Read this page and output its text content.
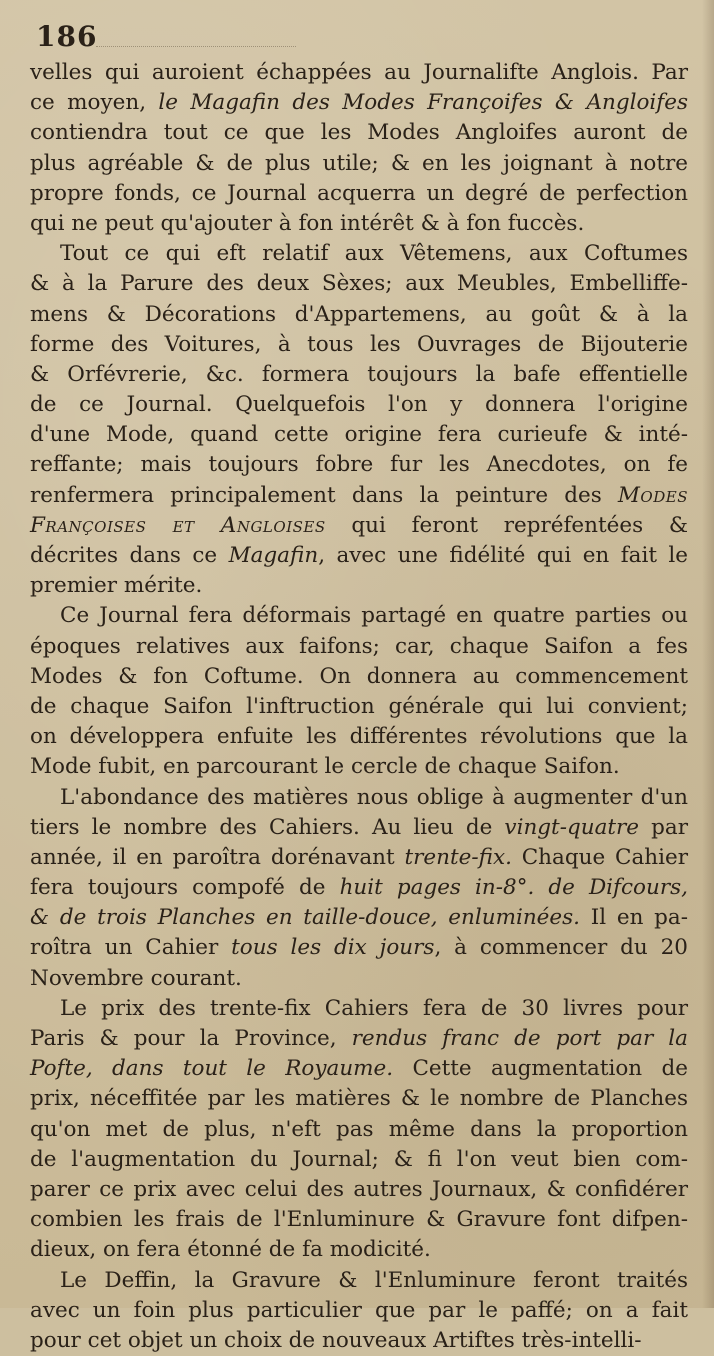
186
velles qui auroient échappées au Journalifte Anglois. Par
ce moyen, le Magafin des Modes Françoifes & Angloifes
contiendra tout ce que les Modes Angloifes auront de
plus agréable & de plus utile; & en les joignant à notre
propre fonds, ce Journal acquerra un degré de perfection
qui ne peut qu'ajouter à fon intérêt & à fon fuccès.
Tout ce qui eft relatif aux Vêtemens, aux Coftumes
& à la Parure des deux Sèxes; aux Meubles, Embelliffe-
mens & Décorations d'Appartemens, au goût & à la
forme des Voitures, à tous les Ouvrages de Bijouterie
& Orfévrerie, &c. formera toujours la bafe effentielle
de ce Journal. Quelquefois l'on y donnera l'origine
d'une Mode, quand cette origine fera curieufe & inté-
reffante; mais toujours fobre fur les Anecdotes, on fe
renfermera principalement dans la peinture des Modes
Françoises et Angloises qui feront repréfentées &
décrites dans ce Magafin, avec une fidélité qui en fait le
premier mérite.
Ce Journal fera déformais partagé en quatre parties ou
époques relatives aux faifons; car, chaque Saifon a fes
Modes & fon Coftume. On donnera au commencement
de chaque Saifon l'inftruction générale qui lui convient;
on développera enfuite les différentes révolutions que la
Mode fubit, en parcourant le cercle de chaque Saifon.
L'abondance des matières nous oblige à augmenter d'un
tiers le nombre des Cahiers. Au lieu de vingt-quatre par
année, il en paroîtra dorénavant trente-fix. Chaque Cahier
fera toujours compofé de huit pages in-8°. de Difcours,
& de trois Planches en taille-douce, enluminées. Il en pa-
roîtra un Cahier tous les dix jours, à commencer du 20
Novembre courant.
Le prix des trente-fix Cahiers fera de 30 livres pour
Paris & pour la Province, rendus franc de port par la
Pofte, dans tout le Royaume. Cette augmentation de
prix, néceffitée par les matières & le nombre de Planches
qu'on met de plus, n'eft pas même dans la proportion
de l'augmentation du Journal; & fi l'on veut bien com-
parer ce prix avec celui des autres Journaux, & confidérer
combien les frais de l'Enluminure & Gravure font difpen-
dieux, on fera étonné de fa modicité.
Le Deffin, la Gravure & l'Enluminure feront traités
avec un foin plus particulier que par le paffé; on a fait
pour cet objet un choix de nouveaux Artiftes très-intelli-
